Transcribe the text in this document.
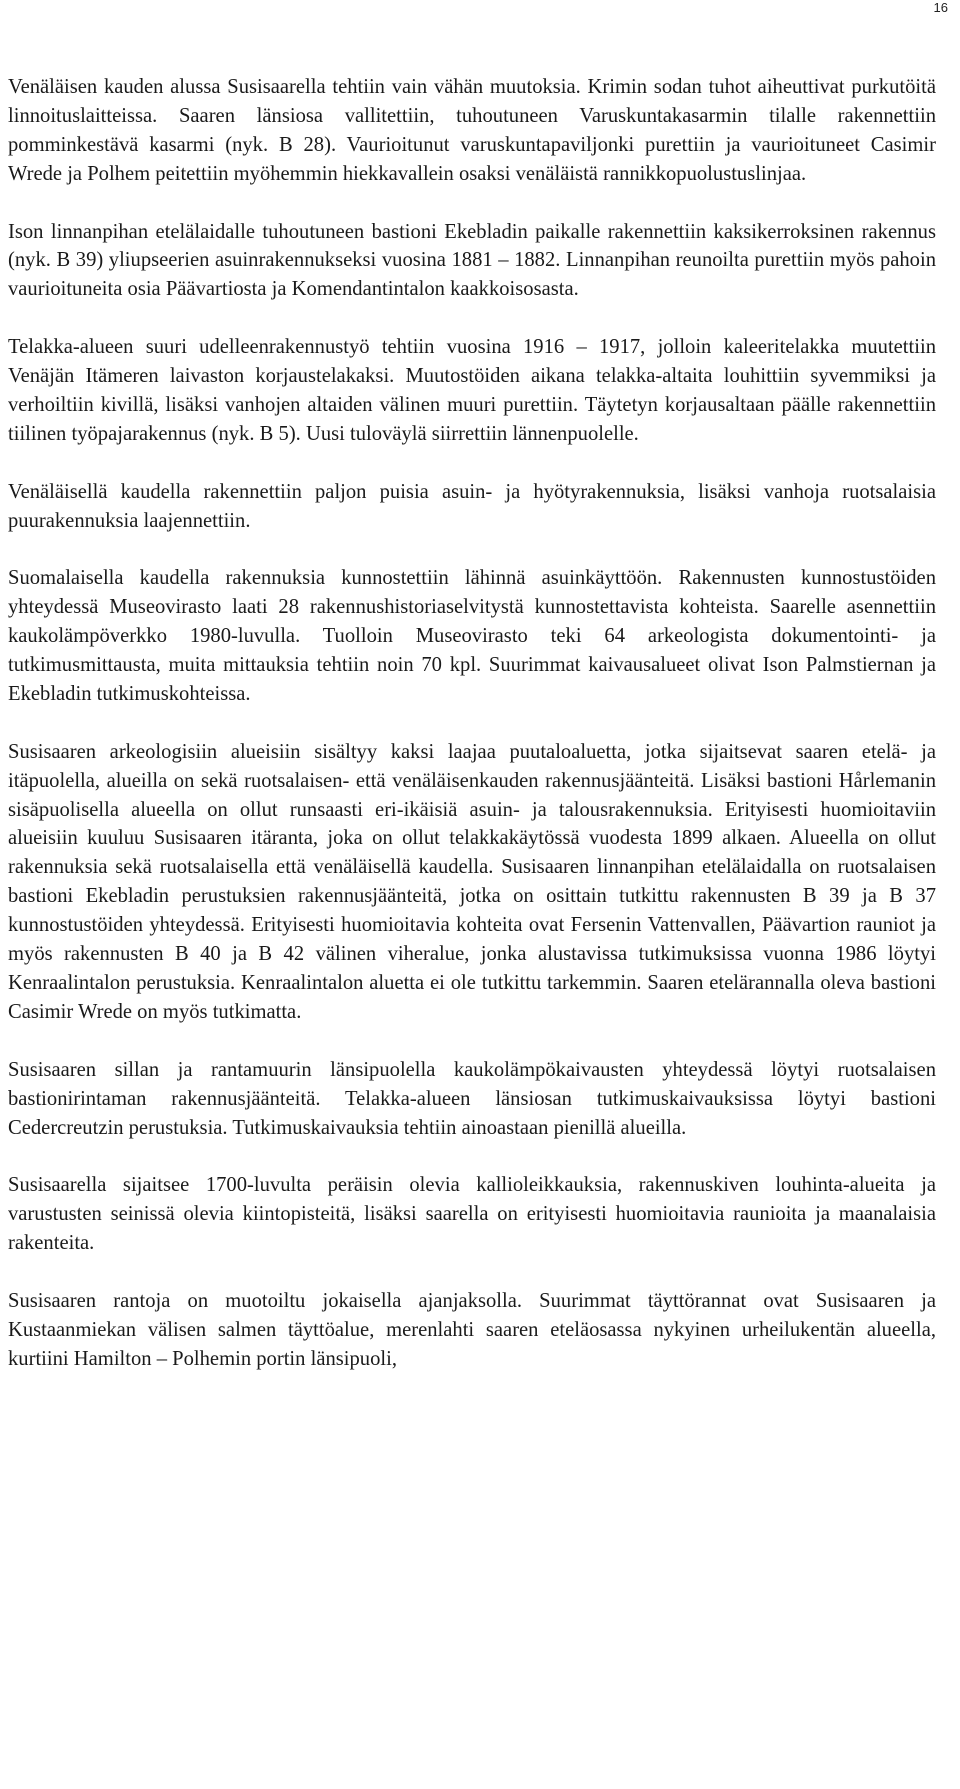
16

Venäläisen kauden alussa Susisaarella tehtiin vain vähän muutoksia. Krimin sodan tuhot aiheuttivat purkutöitä linnoituslaitteissa. Saaren länsiosa vallitettiin, tuhoutuneen Varuskuntakasarmin tilalle rakennettiin pomminkestävä kasarmi (nyk. B 28). Vaurioitunut varuskuntapaviljonki purettiin ja vaurioituneet Casimir Wrede ja Polhem peitettiin myöhemmin hiekkavallein osaksi venäläistä rannikkopuolustuslinjaa.

Ison linnanpihan etelälaidalle tuhoutuneen bastioni Ekebladin paikalle rakennettiin kaksikerroksinen rakennus (nyk. B 39) yliupseerien asuinrakennukseksi vuosina 1881 – 1882. Linnanpihan reunoilta purettiin myös pahoin vaurioituneita osia Päävartiosta ja Komendantintalon kaakkoisosasta.

Telakka-alueen suuri udelleenrakennustyö tehtiin vuosina 1916 – 1917, jolloin kaleeritelakka muutettiin Venäjän Itämeren laivaston korjaustelakaksi. Muutostöiden aikana telakka-altaita louhittiin syvemmiksi ja verhoiltiin kivillä, lisäksi vanhojen altaiden välinen muuri purettiin. Täytetyn korjausaltaan päälle rakennettiin tiilinen työpajarakennus (nyk. B 5). Uusi tuloväylä siirrettiin lännenpuolelle.

Venäläisellä kaudella rakennettiin paljon puisia asuin- ja hyötyrakennuksia, lisäksi vanhoja ruotsalaisia puurakennuksia laajennettiin.

Suomalaisella kaudella rakennuksia kunnostettiin lähinnä asuinkäyttöön. Rakennusten kunnostustöiden yhteydessä Museovirasto laati 28 rakennushistoriaselvitystä kunnostettavista kohteista. Saarelle asennettiin kaukolämpöverkko 1980-luvulla. Tuolloin Museovirasto teki 64 arkeologista dokumentointi- ja tutkimusmittausta, muita mittauksia tehtiin noin 70 kpl. Suurimmat kaivausalueet olivat Ison Palmstiernan ja Ekebladin tutkimuskohteissa.

Susisaaren arkeologisiin alueisiin sisältyy kaksi laajaa puutaloaluetta, jotka sijaitsevat saaren etelä- ja itäpuolella, alueilla on sekä ruotsalaisen- että venäläisenkauden rakennusjäänteitä. Lisäksi bastioni Hårlemanin sisäpuolisella alueella on ollut runsaasti eri-ikäisiä asuin- ja talousrakennuksia. Erityisesti huomioitaviin alueisiin kuuluu Susisaaren itäranta, joka on ollut telakkakäytössä vuodesta 1899 alkaen. Alueella on ollut rakennuksia sekä ruotsalaisella että venäläisellä kaudella. Susisaaren linnanpihan etelälaidalla on ruotsalaisen bastioni Ekebladin perustuksien rakennusjäänteitä, jotka on osittain tutkittu rakennusten B 39 ja B 37 kunnostustöiden yhteydessä. Erityisesti huomioitavia kohteita ovat Fersenin Vattenvallen, Päävartion rauniot ja myös rakennusten B 40 ja B 42 välinen viheralue, jonka alustavissa tutkimuksissa vuonna 1986 löytyi Kenraalintalon perustuksia. Kenraalintalon aluetta ei ole tutkittu tarkemmin. Saaren etelärannalla oleva bastioni Casimir Wrede on myös tutkimatta.

Susisaaren sillan ja rantamuurin länsipuolella kaukolämpökaivausten yhteydessä löytyi ruotsalaisen bastionirintaman rakennusjäänteitä. Telakka-alueen länsiosan tutkimuskaivauksissa löytyi bastioni Cedercreutzin perustuksia. Tutkimuskaivauksia tehtiin ainoastaan pienillä alueilla.

Susisaarella sijaitsee 1700-luvulta peräisin olevia kallioleikkauksia, rakennuskiven louhinta-alueita ja varustusten seinissä olevia kiintopisteitä, lisäksi saarella on erityisesti huomioitavia raunioita ja maanalaisia rakenteita.

Susisaaren rantoja on muotoiltu jokaisella ajanjaksolla. Suurimmat täyttörannat ovat Susisaaren ja Kustaanmiekan välisen salmen täyttöalue, merenlahti saaren eteläosassa nykyinen urheilukentän alueella, kurtiini Hamilton – Polhemin portin länsipuoli,
